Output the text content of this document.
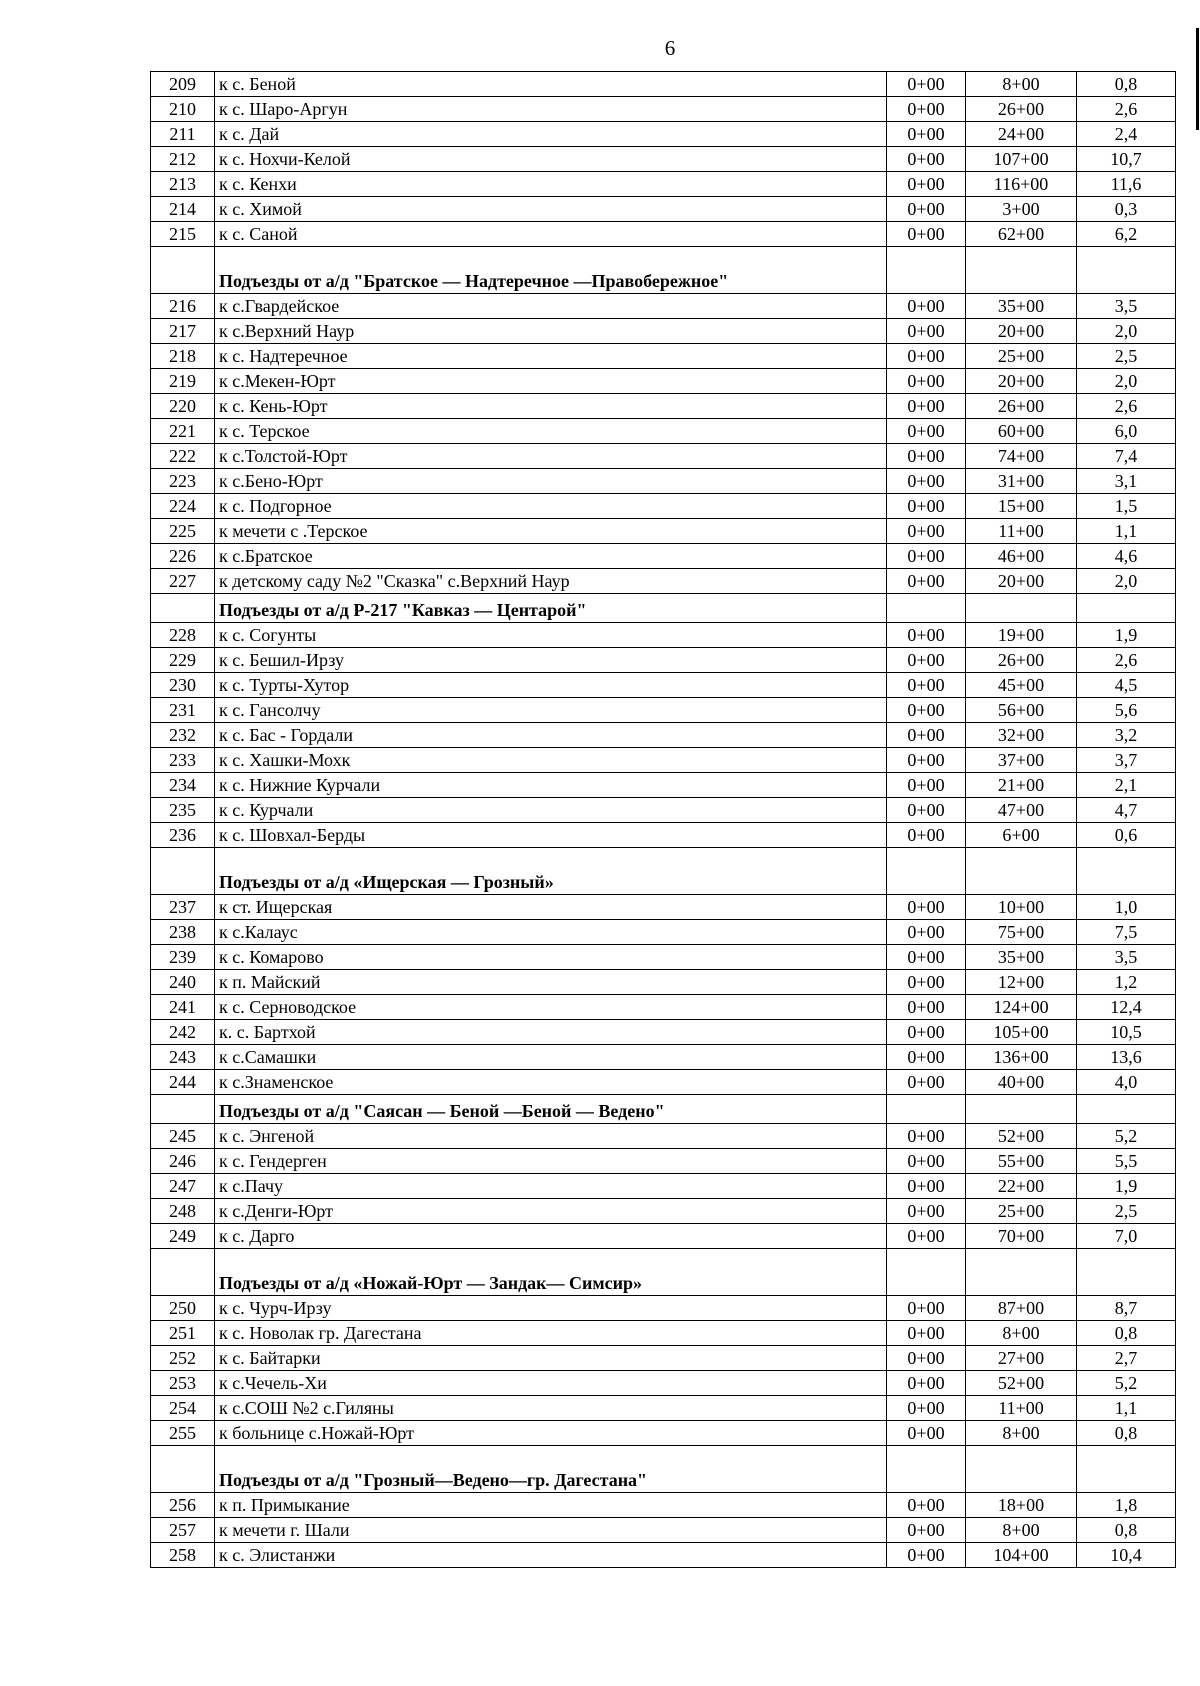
6
209	к с. Беной	0+00	8+00	0,8
210	к с. Шаро-Аргун	0+00	26+00	2,6
211	к с. Дай	0+00	24+00	2,4
212	к с. Нохчи-Келой	0+00	107+00	10,7
213	к с. Кенхи	0+00	116+00	11,6
214	к с. Химой	0+00	3+00	0,3
215	к с. Саной	0+00	62+00	6,2
	Подъезды от а/д "Братское — Надтеречное —Правобережное"			
216	к с.Гвардейское	0+00	35+00	3,5
217	к с.Верхний Наур	0+00	20+00	2,0
218	к с. Надтеречное	0+00	25+00	2,5
219	к с.Мекен-Юрт	0+00	20+00	2,0
220	к с. Кень-Юрт	0+00	26+00	2,6
221	к с. Терское	0+00	60+00	6,0
222	к с.Толстой-Юрт	0+00	74+00	7,4
223	к с.Бено-Юрт	0+00	31+00	3,1
224	к с. Подгорное	0+00	15+00	1,5
225	к мечети с .Терское	0+00	11+00	1,1
226	к с.Братское	0+00	46+00	4,6
227	к детскому саду №2 "Сказка" с.Верхний Наур	0+00	20+00	2,0
	Подъезды от а/д Р-217 "Кавказ — Центарой"			
228	к с. Согунты	0+00	19+00	1,9
229	к с. Бешил-Ирзу	0+00	26+00	2,6
230	к с. Турты-Хутор	0+00	45+00	4,5
231	к с. Гансолчу	0+00	56+00	5,6
232	к с. Бас - Гордали	0+00	32+00	3,2
233	к с. Хашки-Мохк	0+00	37+00	3,7
234	к с. Нижние Курчали	0+00	21+00	2,1
235	к с. Курчали	0+00	47+00	4,7
236	к с. Шовхал-Берды	0+00	6+00	0,6
	Подъезды от а/д «Ищерская — Грозный»			
237	к ст. Ищерская	0+00	10+00	1,0
238	к с.Калаус	0+00	75+00	7,5
239	к с. Комарово	0+00	35+00	3,5
240	к п. Майский	0+00	12+00	1,2
241	к с. Серноводское	0+00	124+00	12,4
242	к. с. Бартхой	0+00	105+00	10,5
243	к с.Самашки	0+00	136+00	13,6
244	к с.Знаменское	0+00	40+00	4,0
	Подъезды от а/д "Саясан — Беной —Беной — Ведено"			
245	к с. Энгеной	0+00	52+00	5,2
246	к с. Гендерген	0+00	55+00	5,5
247	к с.Пачу	0+00	22+00	1,9
248	к с.Денги-Юрт	0+00	25+00	2,5
249	к с. Дарго	0+00	70+00	7,0
	Подъезды от а/д «Ножай-Юрт — Зандак— Симсир»			
250	к с. Чурч-Ирзу	0+00	87+00	8,7
251	к с. Новолак гр. Дагестана	0+00	8+00	0,8
252	к с. Байтарки	0+00	27+00	2,7
253	к с.Чечель-Хи	0+00	52+00	5,2
254	к с.СОШ №2 с.Гиляны	0+00	11+00	1,1
255	к больнице с.Ножай-Юрт	0+00	8+00	0,8
	Подъезды от а/д "Грозный—Ведено—гр. Дагестана"			
256	к п. Примыкание	0+00	18+00	1,8
257	к мечети г. Шали	0+00	8+00	0,8
258	к с. Элистанжи	0+00	104+00	10,4
